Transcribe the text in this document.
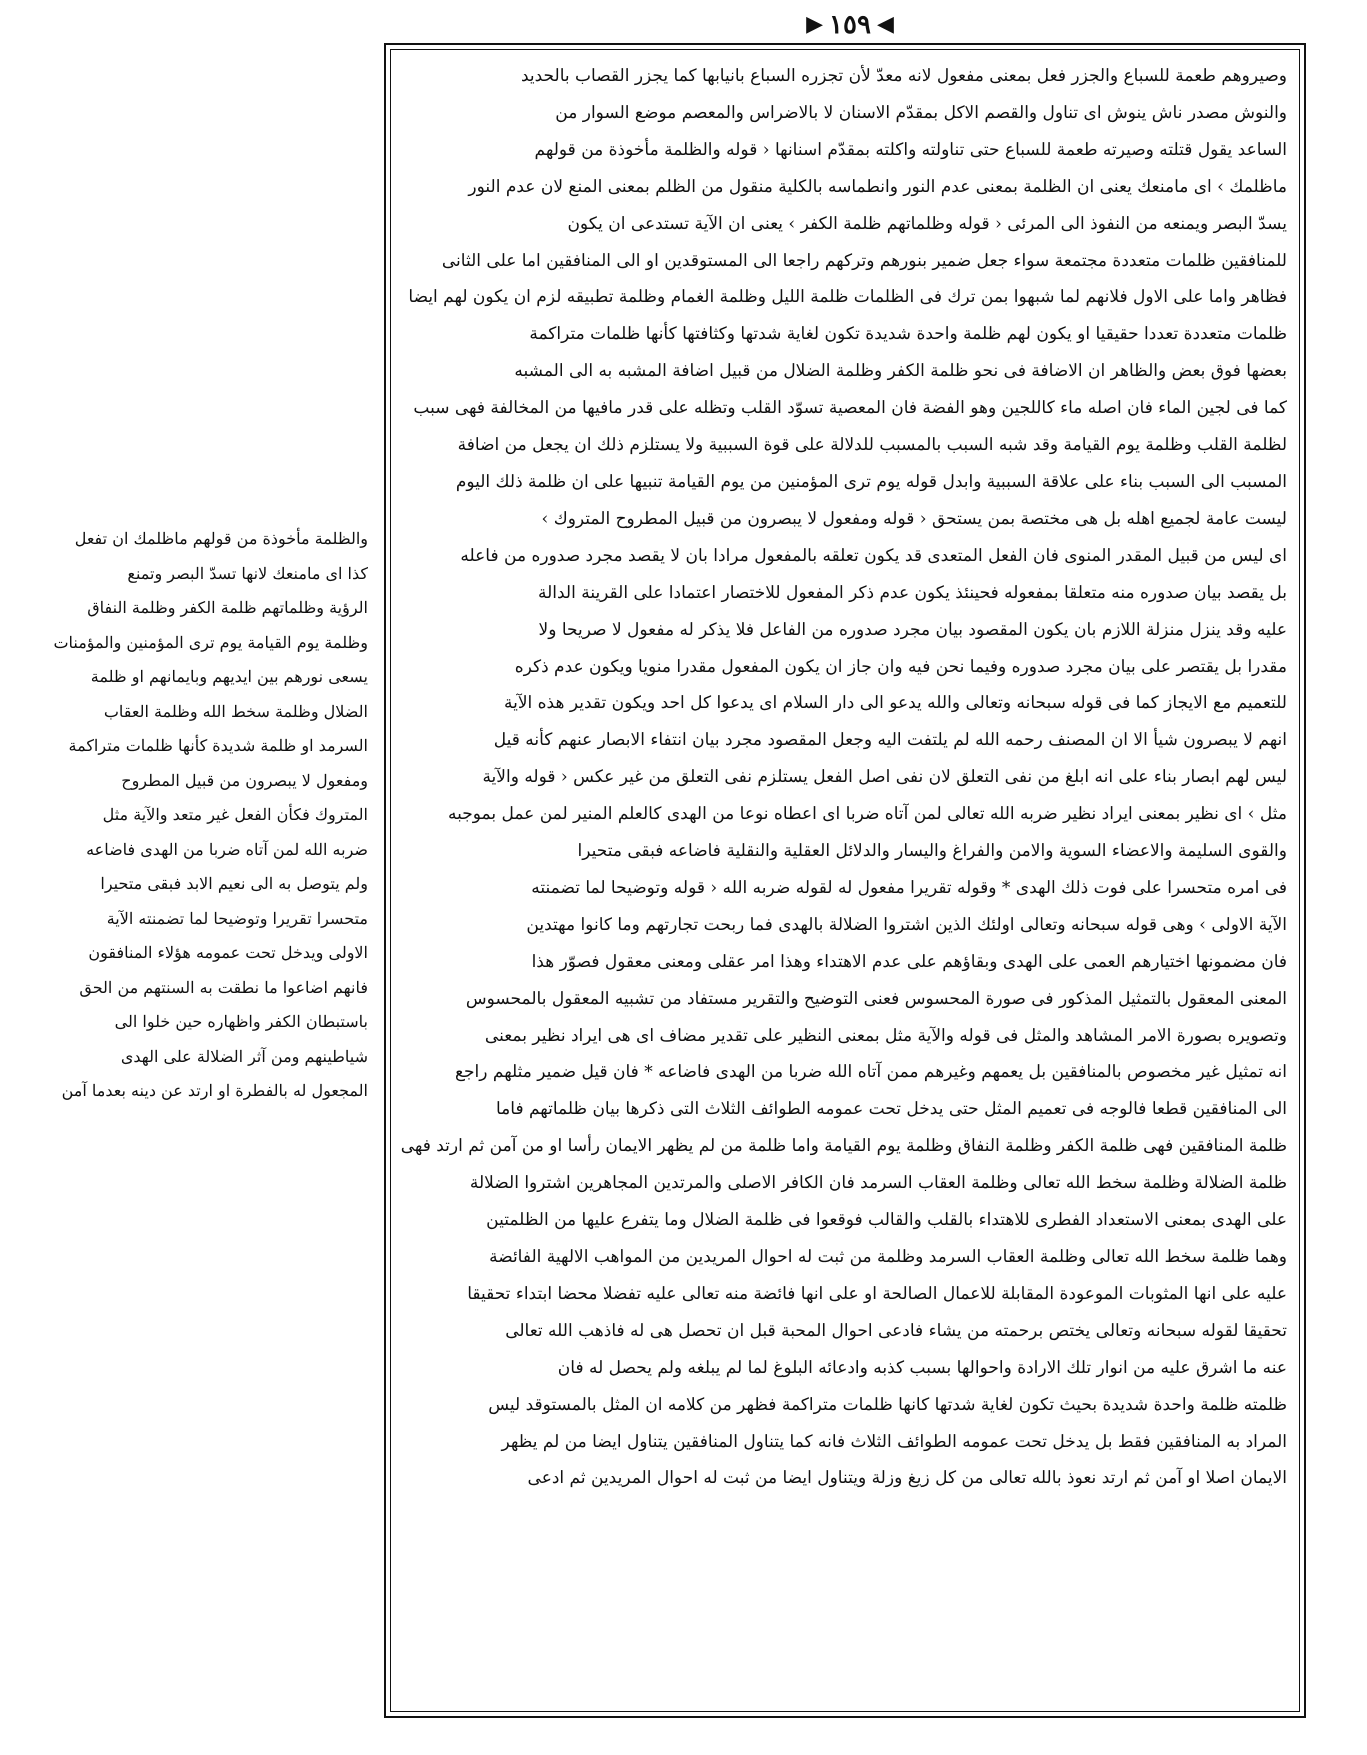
▶ ١٥٩ ◀
والظلمة مأخوذة من قولهم ماظلمك ان تفعل
كذا اى مامنعك لانها تسدّ البصر وتمنع
الرؤية وظلماتهم ظلمة الكفر وظلمة النفاق
وظلمة يوم القيامة يوم ترى المؤمنين والمؤمنات
يسعى نورهم بين ايديهم وبايمانهم او ظلمة
الضلال وظلمة سخط الله وظلمة العقاب
السرمد او ظلمة شديدة كأنها ظلمات متراكمة
ومفعول لا يبصرون من قبيل المطروح
المتروك فكأن الفعل غير متعد والآية مثل
ضربه الله لمن آتاه ضربا من الهدى فاضاعه
ولم يتوصل به الى نعيم الابد فبقى متحيرا
متحسرا تقريرا وتوضيحا لما تضمنته الآية
الاولى ويدخل تحت عمومه هؤلاء المنافقون
فانهم اضاعوا ما نطقت به السنتهم من الحق
باستبطان الكفر واظهاره حين خلوا الى
شياطينهم ومن آثر الضلالة على الهدى
المجعول له بالفطرة او ارتد عن دينه بعدما آمن
وصيروهم طعمة للسباع والجزر فعل بمعنى مفعول لانه معدّ لأن تجزره السباع بانيابها كما يجزر القصاب بالحديد
والنوش مصدر ناش ينوش اى تناول والقصم الاكل بمقدّم الاسنان لا بالاضراس والمعصم موضع السوار من
الساعد يقول قتلته وصيرته طعمة للسباع حتى تناولته واكلته بمقدّم اسنانها ‹ قوله والظلمة مأخوذة من قولهم
ماظلمك › اى مامنعك يعنى ان الظلمة بمعنى عدم النور وانطماسه بالكلية منقول من الظلم بمعنى المنع لان عدم النور
يسدّ البصر ويمنعه من النفوذ الى المرئى ‹ قوله وظلماتهم ظلمة الكفر › يعنى ان الآية تستدعى ان يكون
للمنافقين ظلمات متعددة مجتمعة سواء جعل ضمير بنورهم وتركهم راجعا الى المستوقدين او الى المنافقين اما على الثانى
فظاهر واما على الاول فلانهم لما شبهوا بمن ترك فى الظلمات ظلمة الليل وظلمة الغمام وظلمة تطبيقه لزم ان يكون لهم ايضا
ظلمات متعددة تعددا حقيقيا او يكون لهم ظلمة واحدة شديدة تكون لغاية شدتها وكثافتها كأنها ظلمات متراكمة
بعضها فوق بعض والظاهر ان الاضافة فى نحو ظلمة الكفر وظلمة الضلال من قبيل اضافة المشبه به الى المشبه
كما فى لجين الماء فان اصله ماء كاللجين وهو الفضة فان المعصية تسوّد القلب وتظله على قدر مافيها من المخالفة فهى سبب
لظلمة القلب وظلمة يوم القيامة وقد شبه السبب بالمسبب للدلالة على قوة السببية ولا يستلزم ذلك ان يجعل من اضافة
المسبب الى السبب بناء على علاقة السببية وابدل قوله يوم ترى المؤمنين من يوم القيامة تنبيها على ان ظلمة ذلك اليوم
ليست عامة لجميع اهله بل هى مختصة بمن يستحق ‹ قوله ومفعول لا يبصرون من قبيل المطروح المتروك ›
اى ليس من قبيل المقدر المنوى فان الفعل المتعدى قد يكون تعلقه بالمفعول مرادا بان لا يقصد مجرد صدوره من فاعله
بل يقصد بيان صدوره منه متعلقا بمفعوله فحينئذ يكون عدم ذكر المفعول للاختصار اعتمادا على القرينة الدالة
عليه وقد ينزل منزلة اللازم بان يكون المقصود بيان مجرد صدوره من الفاعل فلا يذكر له مفعول لا صريحا ولا
مقدرا بل يقتصر على بيان مجرد صدوره وفيما نحن فيه وان جاز ان يكون المفعول مقدرا منويا ويكون عدم ذكره
للتعميم مع الايجاز كما فى قوله سبحانه وتعالى والله يدعو الى دار السلام اى يدعوا كل احد ويكون تقدير هذه الآية
انهم لا يبصرون شيأ الا ان المصنف رحمه الله لم يلتفت اليه وجعل المقصود مجرد بيان انتفاء الابصار عنهم كأنه قيل
ليس لهم ابصار بناء على انه ابلغ من نفى التعلق لان نفى اصل الفعل يستلزم نفى التعلق من غير عكس ‹ قوله والآية
مثل › اى نظير بمعنى ايراد نظير ضربه الله تعالى لمن آتاه ضربا اى اعطاه نوعا من الهدى كالعلم المنير لمن عمل بموجبه
والقوى السليمة والاعضاء السوية والامن والفراغ واليسار والدلائل العقلية والنقلية فاضاعه فبقى متحيرا
فى امره متحسرا على فوت ذلك الهدى * وقوله تقريرا مفعول له لقوله ضربه الله ‹ قوله وتوضيحا لما تضمنته
الآية الاولى › وهى قوله سبحانه وتعالى اولئك الذين اشتروا الضلالة بالهدى فما ربحت تجارتهم وما كانوا مهتدين
فان مضمونها اختيارهم العمى على الهدى وبقاؤهم على عدم الاهتداء وهذا امر عقلى ومعنى معقول فصوّر هذا
المعنى المعقول بالتمثيل المذكور فى صورة المحسوس فعنى التوضيح والتقرير مستفاد من تشبيه المعقول بالمحسوس
وتصويره بصورة الامر المشاهد والمثل فى قوله والآية مثل بمعنى النظير على تقدير مضاف اى هى ايراد نظير بمعنى
انه تمثيل غير مخصوص بالمنافقين بل يعمهم وغيرهم ممن آتاه الله ضربا من الهدى فاضاعه * فان قيل ضمير مثلهم راجع
الى المنافقين قطعا فالوجه فى تعميم المثل حتى يدخل تحت عمومه الطوائف الثلاث التى ذكرها بيان ظلماتهم فاما
ظلمة المنافقين فهى ظلمة الكفر وظلمة النفاق وظلمة يوم القيامة واما ظلمة من لم يظهر الايمان رأسا او من آمن ثم ارتد فهى
ظلمة الضلالة وظلمة سخط الله تعالى وظلمة العقاب السرمد فان الكافر الاصلى والمرتدين المجاهرين اشتروا الضلالة
على الهدى بمعنى الاستعداد الفطرى للاهتداء بالقلب والقالب فوقعوا فى ظلمة الضلال وما يتفرع عليها من الظلمتين
وهما ظلمة سخط الله تعالى وظلمة العقاب السرمد وظلمة من ثبت له احوال المريدين من المواهب الالهية الفائضة
عليه على انها المثوبات الموعودة المقابلة للاعمال الصالحة او على انها فائضة منه تعالى عليه تفضلا محضا ابتداء تحقيقا
تحقيقا لقوله سبحانه وتعالى يختص برحمته من يشاء فادعى احوال المحبة قبل ان تحصل هى له فاذهب الله تعالى
عنه ما اشرق عليه من انوار تلك الارادة واحوالها بسبب كذبه وادعائه البلوغ لما لم يبلغه ولم يحصل له فان
ظلمته ظلمة واحدة شديدة بحيث تكون لغاية شدتها كانها ظلمات متراكمة فظهر من كلامه ان المثل بالمستوقد ليس
المراد به المنافقين فقط بل يدخل تحت عمومه الطوائف الثلاث فانه كما يتناول المنافقين يتناول ايضا من لم يظهر
الايمان اصلا او آمن ثم ارتد نعوذ بالله تعالى من كل زيغ وزلة ويتناول ايضا من ثبت له احوال المريدين ثم ادعى
